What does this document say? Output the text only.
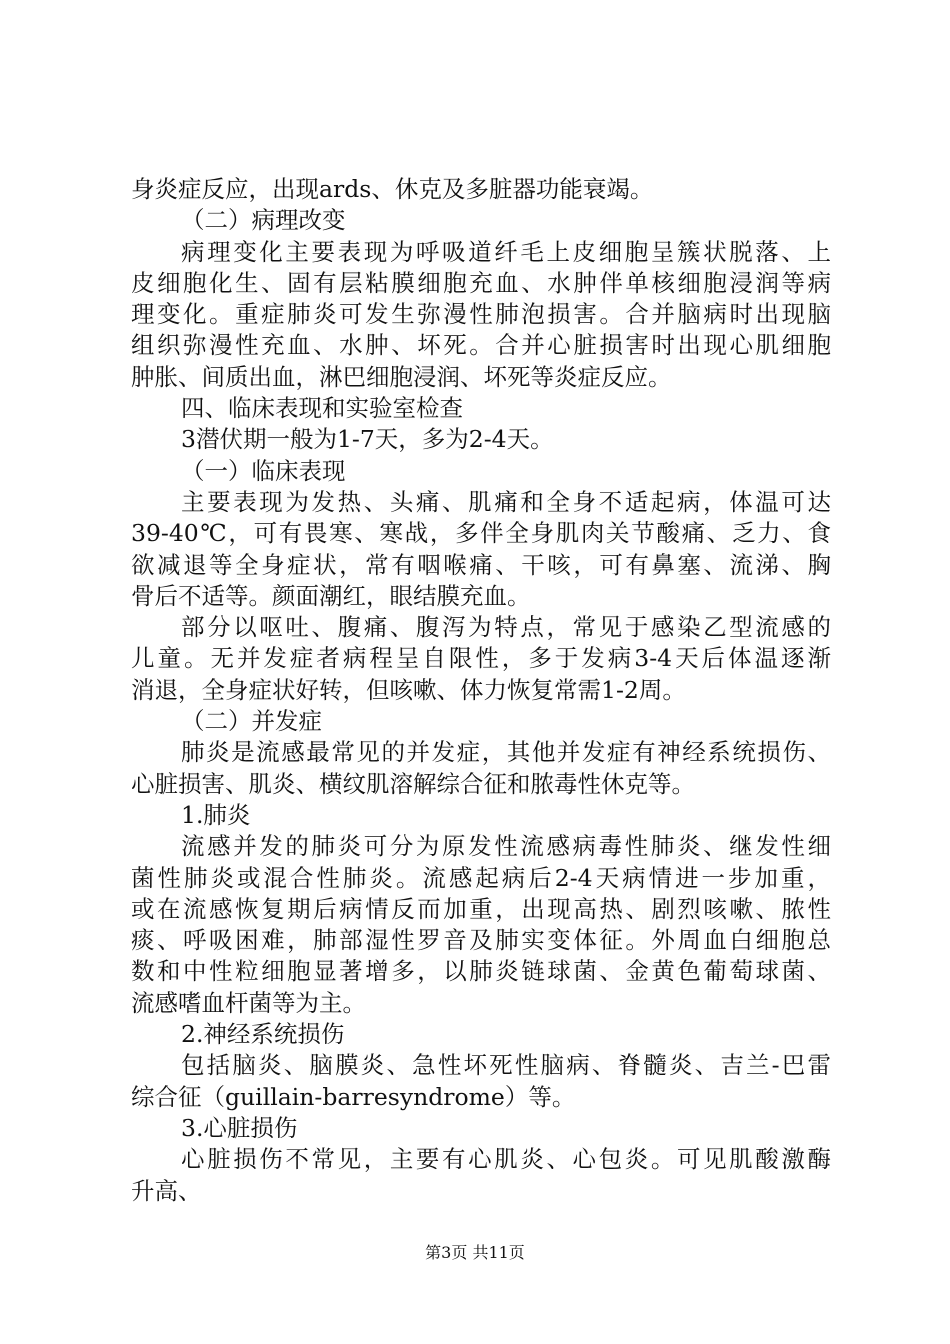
身炎症反应，出现ards、休克及多脏器功能衰竭。
（二）病理改变
病理变化主要表现为呼吸道纤毛上皮细胞呈簇状脱落、上
皮细胞化生、固有层粘膜细胞充血、水肿伴单核细胞浸润等病
理变化。重症肺炎可发生弥漫性肺泡损害。合并脑病时出现脑
组织弥漫性充血、水肿、坏死。合并心脏损害时出现心肌细胞
肿胀、间质出血，淋巴细胞浸润、坏死等炎症反应。
四、临床表现和实验室检查
3潜伏期一般为1-7天，多为2-4天。
（一）临床表现
主要表现为发热、头痛、肌痛和全身不适起病，体温可达
39-40℃，可有畏寒、寒战，多伴全身肌肉关节酸痛、乏力、食
欲减退等全身症状，常有咽喉痛、干咳，可有鼻塞、流涕、胸
骨后不适等。颜面潮红，眼结膜充血。
部分以呕吐、腹痛、腹泻为特点，常见于感染乙型流感的
儿童。无并发症者病程呈自限性，多于发病3-4天后体温逐渐
消退，全身症状好转，但咳嗽、体力恢复常需1-2周。
（二）并发症
肺炎是流感最常见的并发症，其他并发症有神经系统损伤、
心脏损害、肌炎、横纹肌溶解综合征和脓毒性休克等。
1.肺炎
流感并发的肺炎可分为原发性流感病毒性肺炎、继发性细
菌性肺炎或混合性肺炎。流感起病后2-4天病情进一步加重，
或在流感恢复期后病情反而加重，出现高热、剧烈咳嗽、脓性
痰、呼吸困难，肺部湿性罗音及肺实变体征。外周血白细胞总
数和中性粒细胞显著增多，以肺炎链球菌、金黄色葡萄球菌、
流感嗜血杆菌等为主。
2.神经系统损伤
包括脑炎、脑膜炎、急性坏死性脑病、脊髓炎、吉兰-巴雷
综合征（guillain-barresyndrome）等。
3.心脏损伤
心脏损伤不常见，主要有心肌炎、心包炎。可见肌酸激酶
升高、
第3页 共11页
